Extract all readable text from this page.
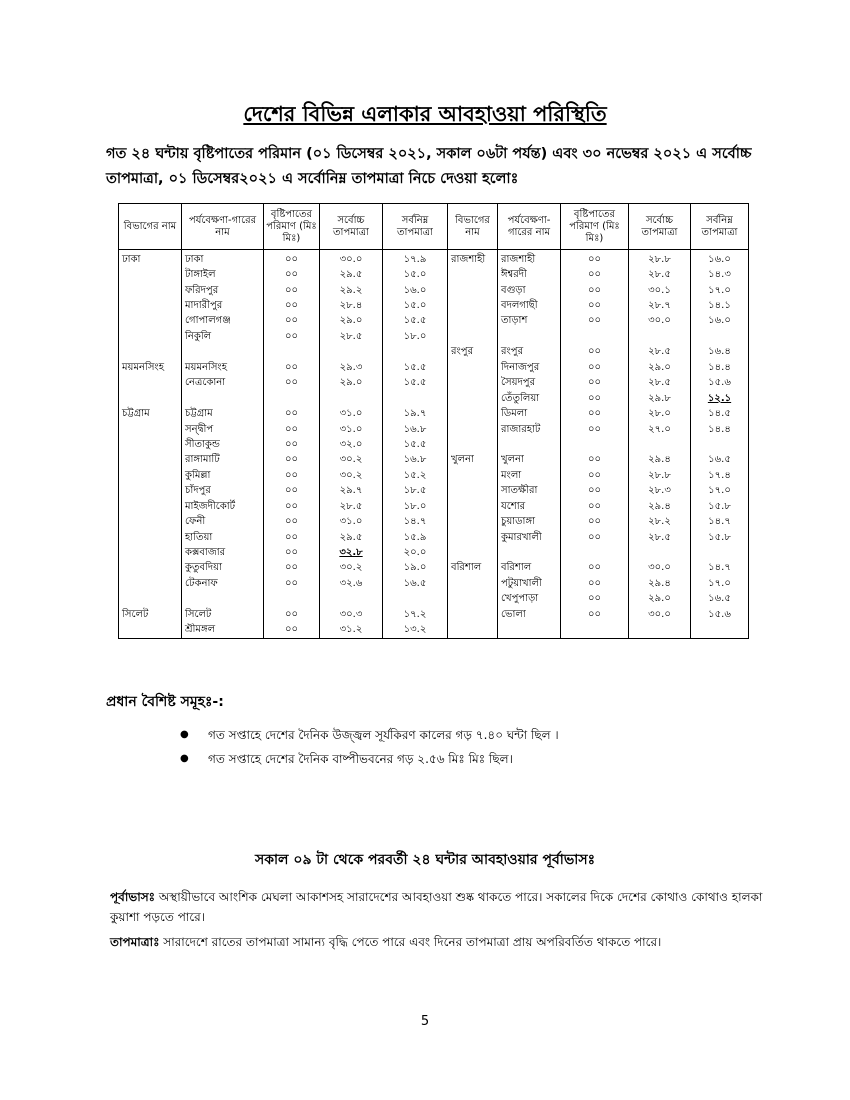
দেশের বিভিন্ন এলাকার আবহাওয়া পরিস্থিতি
গত ২৪ ঘন্টায় বৃষ্টিপাতের পরিমান (০১ ডিসেম্বর ২০২১, সকাল ০৬টা পর্যন্ত) এবং ৩০ নভেম্বর ২০২১ এ সর্বোচ্চ তাপমাত্রা, ০১ ডিসেম্বর২০২১ এ সর্বোনিম্ন তাপমাত্রা নিচে দেওয়া হলোঃ
বিভাগের নাম	পর্যবেক্ষণা-গারের নাম	বৃষ্টিপাতের পরিমাণ (মিঃ মিঃ)	সর্বোচ্চ তাপমাত্রা	সর্বনিম্ন তাপমাত্রা	বিভাগের নাম	পর্যবেক্ষণা-গারের নাম	বৃষ্টিপাতের পরিমাণ (মিঃ মিঃ)	সর্বোচ্চ তাপমাত্রা	সর্বনিম্ন তাপমাত্রা
ঢাকা	ঢাকা	০০	৩০.০	১৭.৯	রাজশাহী	রাজশাহী	০০	২৮.৮	১৬.০
	টাঙ্গাইল	০০	২৯.৫	১৫.০		ঈশ্বরদী	০০	২৮.৫	১৪.৩
	ফরিদপুর	০০	২৯.২	১৬.০		বগুড়া	০০	৩০.১	১৭.০
	মাদারীপুর	০০	২৮.৪	১৫.০		বদলগাছী	০০	২৮.৭	১৪.১
	গোপালগঞ্জ	০০	২৯.০	১৫.৫		তাড়াশ	০০	৩০.০	১৬.০
	নিকুলি	০০	২৮.৫	১৮.০					
					রংপুর	রংপুর	০০	২৮.৫	১৬.৪
ময়মনসিংহ	ময়মনসিংহ	০০	২৯.৩	১৫.৫		দিনাজপুর	০০	২৯.০	১৪.৪
	নেত্রকোনা	০০	২৯.০	১৫.৫		সৈয়দপুর	০০	২৮.৫	১৫.৬
						তেঁতুলিয়া	০০	২৯.৮	১২.১
চট্টগ্রাম	চট্টগ্রাম	০০	৩১.০	১৯.৭		ডিমলা	০০	২৮.০	১৪.৫
	সন্দ্বীপ	০০	৩১.০	১৬.৮		রাজারহাট	০০	২৭.০	১৪.৪
	সীতাকুন্ড	০০	৩২.০	১৫.৫					
	রাঙ্গামাটি	০০	৩০.২	১৬.৮	খুলনা	খুলনা	০০	২৯.৪	১৬.৫
	কুমিল্লা	০০	৩০.২	১৫.২		মংলা	০০	২৮.৮	১৭.৪
	চাঁদপুর	০০	২৯.৭	১৮.৫		সাতক্ষীরা	০০	২৮.৩	১৭.০
	মাইজদীকোর্ট	০০	২৮.৫	১৮.০		যশোর	০০	২৯.৪	১৫.৮
	ফেনী	০০	৩১.০	১৪.৭		চুয়াডাঙ্গা	০০	২৮.২	১৪.৭
	হাতিয়া	০০	২৯.৫	১৫.৯		কুমারখালী	০০	২৮.৫	১৫.৮
	কক্সবাজার	০০	৩২.৮	২০.০					
	কুতুবদিয়া	০০	৩০.২	১৯.০	বরিশাল	বরিশাল	০০	৩০.০	১৪.৭
	টেকনাফ	০০	৩২.৬	১৬.৫		পটুয়াখালী	০০	২৯.৪	১৭.০
						খেপুপাড়া	০০	২৯.০	১৬.৫
সিলেট	সিলেট	০০	৩০.৩	১৭.২		ভোলা	০০	৩০.০	১৫.৬
	শ্রীমঙ্গল	০০	৩১.২	১৩.২					
প্রধান বৈশিষ্ট সমূহঃ-:
● গত সপ্তাহে দেশের দৈনিক উজ্জ্বল সূর্যকিরণ কালের গড় ৭.৪০ ঘন্টা ছিল ।
● গত সপ্তাহে দেশের দৈনিক বাষ্পীভবনের গড় ২.৫৬ মিঃ মিঃ ছিল।
সকাল ০৯ টা থেকে পরবর্তী ২৪ ঘন্টার আবহাওয়ার পূর্বাভাসঃ
পূর্বাভাসঃ অস্থায়ীভাবে আংশিক মেঘলা আকাশসহ সারাদেশের আবহাওয়া শুষ্ক থাকতে পারে। সকালের দিকে দেশের কোথাও কোথাও হালকা কুয়াশা পড়তে পারে।
তাপমাত্রাঃ সারাদেশে রাতের তাপমাত্রা সামান্য বৃদ্ধি পেতে পারে এবং দিনের তাপমাত্রা প্রায় অপরিবর্তিত থাকতে পারে।
5
